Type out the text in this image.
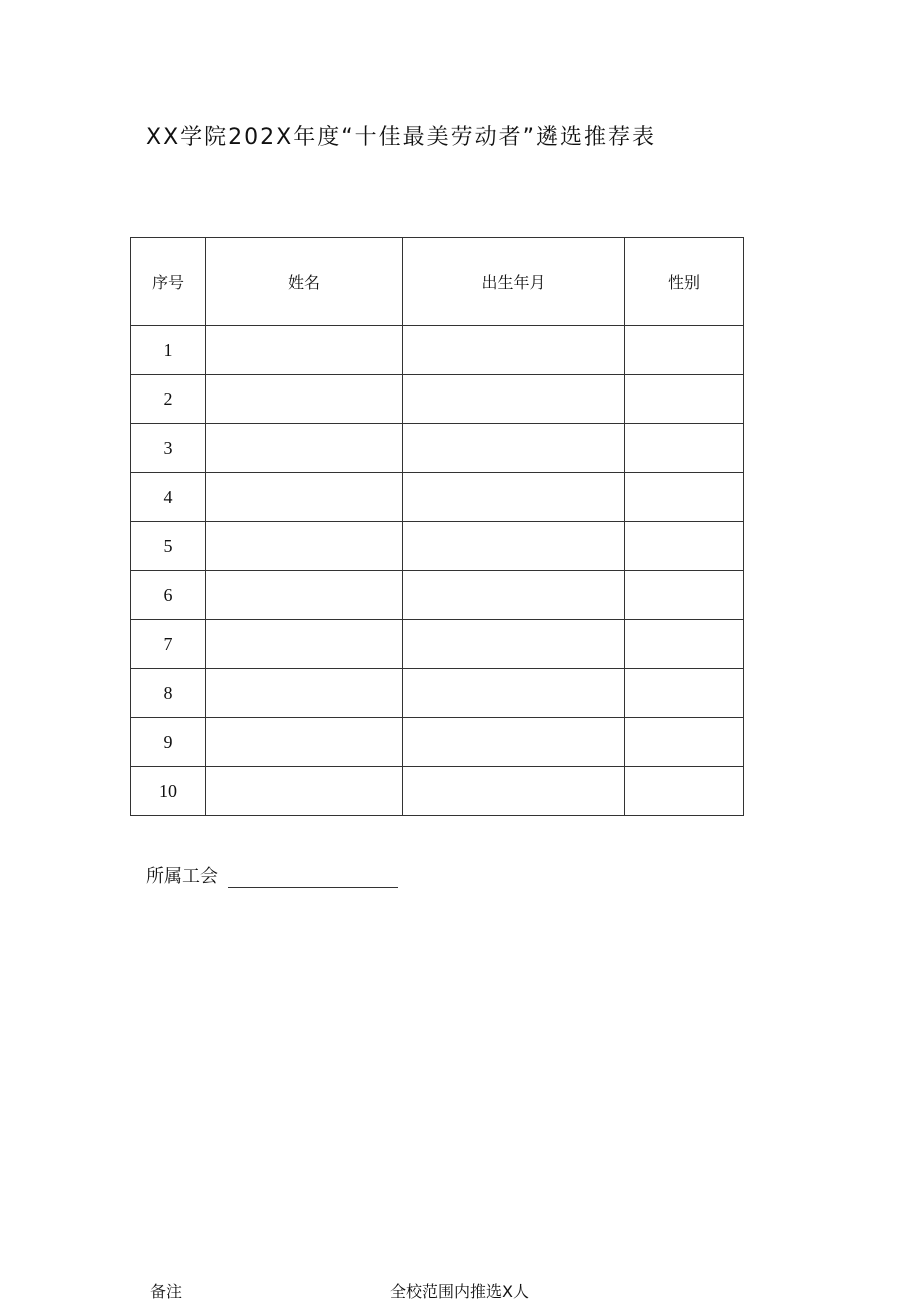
XX学院202X年度“十佳最美劳动者”遴选推荐表
序号	姓名	出生年月	性别
1			
2			
3			
4			
5			
6			
7			
8			
9			
10			
所属工会
备注	全校范围内推选X人
